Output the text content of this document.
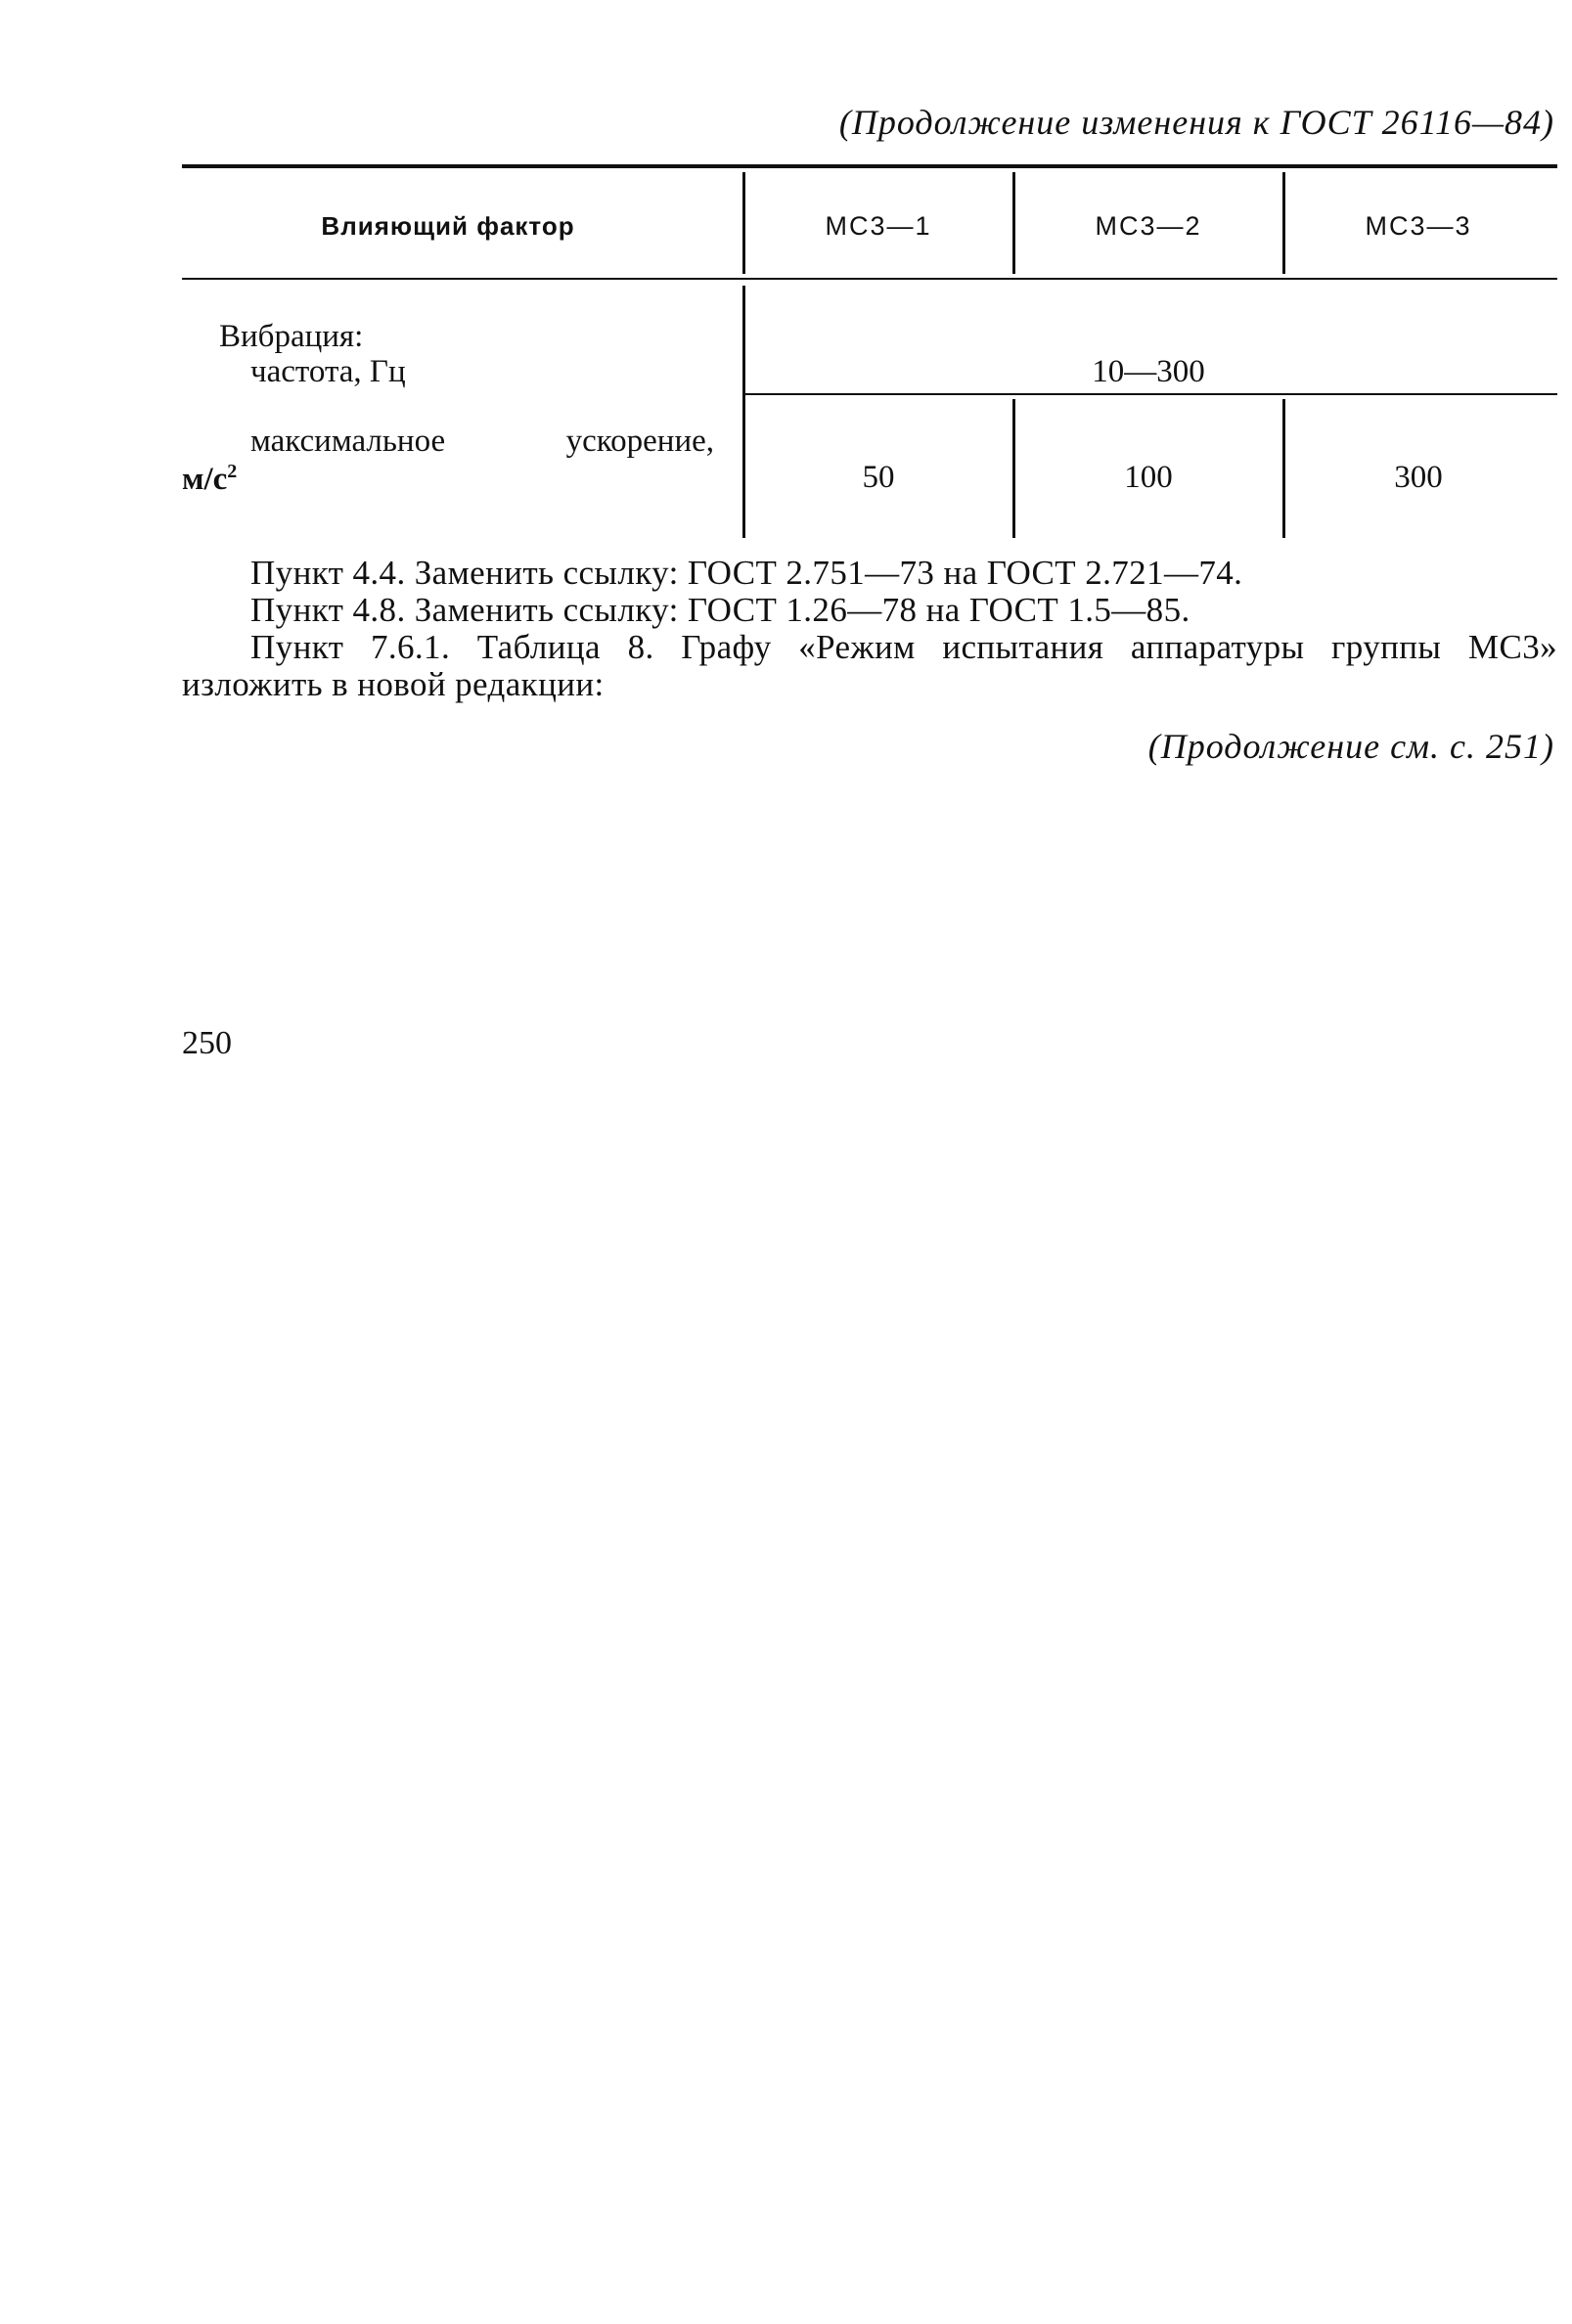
(Продолжение изменения к ГОСТ 26116—84)
Влияющий фактор	МС3—1	МС3—2	МС3—3
Вибрация:
частота, Гц	10—300
максимальное ускорение,
$м/с^2$	50	100	300
Пункт 4.4. Заменить ссылку: ГОСТ 2.751—73 на ГОСТ 2.721—74.
Пункт 4.8. Заменить ссылку: ГОСТ 1.26—78 на ГОСТ 1.5—85.
Пункт 7.6.1. Таблица 8. Графу «Режим испытания аппаратуры группы МС3»
изложить в новой редакции:
(Продолжение см. с. 251)
250
